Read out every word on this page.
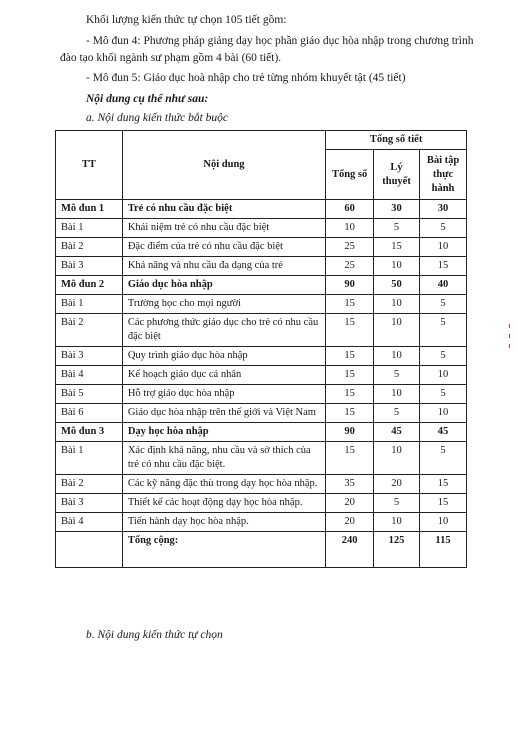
Khối lượng kiến thức tự chọn 105 tiết gồm:
- Mô đun 4: Phương pháp giảng dạy học phần giáo dục hòa nhập trong chương trình
đào tạo khối ngành sư phạm gồm 4 bài (60 tiết).
- Mô đun 5: Giáo dục hoà nhập cho trẻ từng nhóm khuyết tật (45 tiết)
Nội dung cụ thể như sau:
a. Nội dung kiến thức bắt buộc
TT	Nội dung	Tổng số tiết		
		Tổng số	Lý thuyết	Bài tập thực hành
Mô đun 1	Trẻ có nhu cầu đặc biệt	60	30	30
Bài 1	Khái niệm trẻ có nhu cầu đặc biệt	10	5	5
Bài 2	Đặc điểm của trẻ có nhu cầu đặc biệt	25	15	10
Bài 3	Khả năng và nhu cầu đa dạng của trẻ	25	10	15
Mô đun 2	Giáo dục hòa nhập	90	50	40
Bài 1	Trường học cho mọi người	15	10	5
Bài 2	Các phương thức giáo dục cho trẻ có nhu cầu đặc biệt	15	10	5
Bài 3	Quy trình giáo dục hòa nhập	15	10	5
Bài 4	Kế hoạch giáo dục cá nhân	15	5	10
Bài 5	Hỗ trợ giáo dục hòa nhập	15	10	5
Bài 6	Giáo dục hòa nhập trên thế giới và Việt Nam	15	5	10
Mô đun 3	Dạy học hòa nhập	90	45	45
Bài 1	Xác định khả năng, nhu cầu và sở thích của trẻ có nhu cầu đặc biệt.	15	10	5
Bài 2	Các kỹ năng đặc thù trong dạy học hòa nhập.	35	20	15
Bài 3	Thiết kế các hoạt động dạy học hòa nhập.	20	5	15
Bài 4	Tiến hành dạy học hòa nhập.	20	10	10
	Tổng cộng:	240	125	115
b. Nội dung kiến thức tự chọn
